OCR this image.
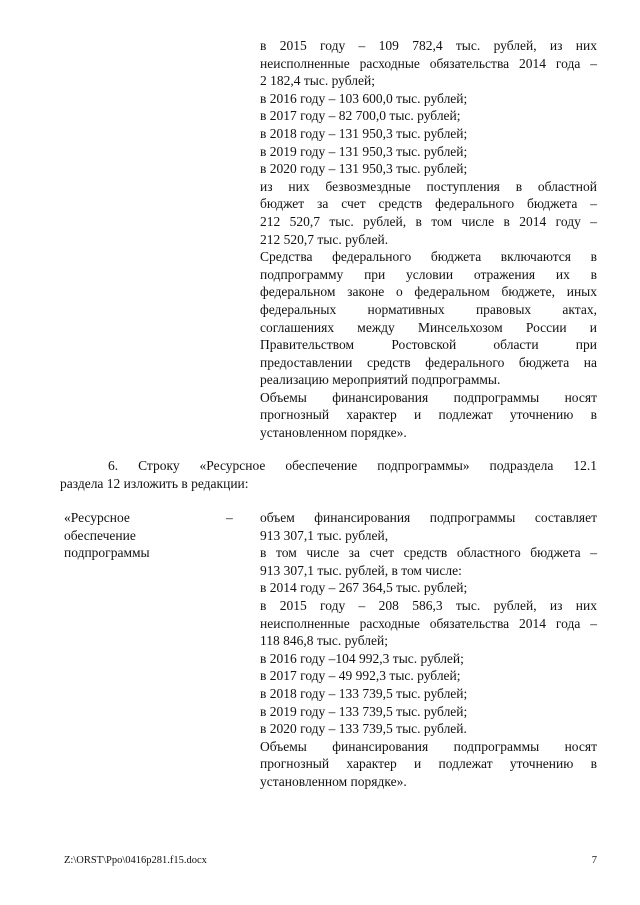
в 2015 году – 109 782,4 тыс. рублей, из них
неисполненные расходные обязательства 2014 года –
2 182,4 тыс. рублей;
в 2016 году – 103 600,0 тыс. рублей;
в 2017 году – 82 700,0 тыс. рублей;
в 2018 году – 131 950,3 тыс. рублей;
в 2019 году – 131 950,3 тыс. рублей;
в 2020 году – 131 950,3 тыс. рублей;
из них безвозмездные поступления в областной
бюджет за счет средств федерального бюджета –
212 520,7 тыс. рублей, в том числе в 2014 году –
212 520,7 тыс. рублей.
Средства федерального бюджета включаются в
подпрограмму при условии отражения их в
федеральном законе о федеральном бюджете, иных
федеральных нормативных правовых актах,
соглашениях между Минсельхозом России и
Правительством Ростовской области при
предоставлении средств федерального бюджета на
реализацию мероприятий подпрограммы.
Объемы финансирования подпрограммы носят
прогнозный характер и подлежат уточнению в
установленном порядке».
6. Строку «Ресурсное обеспечение подпрограммы» подраздела 12.1
раздела 12 изложить в редакции:
«Ресурсное
обеспечение
подпрограммы
– объем финансирования подпрограммы составляет
913 307,1 тыс. рублей,
в том числе за счет средств областного бюджета –
913 307,1 тыс. рублей, в том числе:
в 2014 году – 267 364,5 тыс. рублей;
в 2015 году – 208 586,3 тыс. рублей, из них
неисполненные расходные обязательства 2014 года –
118 846,8 тыс. рублей;
в 2016 году –104 992,3 тыс. рублей;
в 2017 году – 49 992,3 тыс. рублей;
в 2018 году – 133 739,5 тыс. рублей;
в 2019 году – 133 739,5 тыс. рублей;
в 2020 году – 133 739,5 тыс. рублей.
Объемы финансирования подпрограммы носят
прогнозный характер и подлежат уточнению в
установленном порядке».
Z:\ORST\Ppo\0416p281.f15.docx	7
